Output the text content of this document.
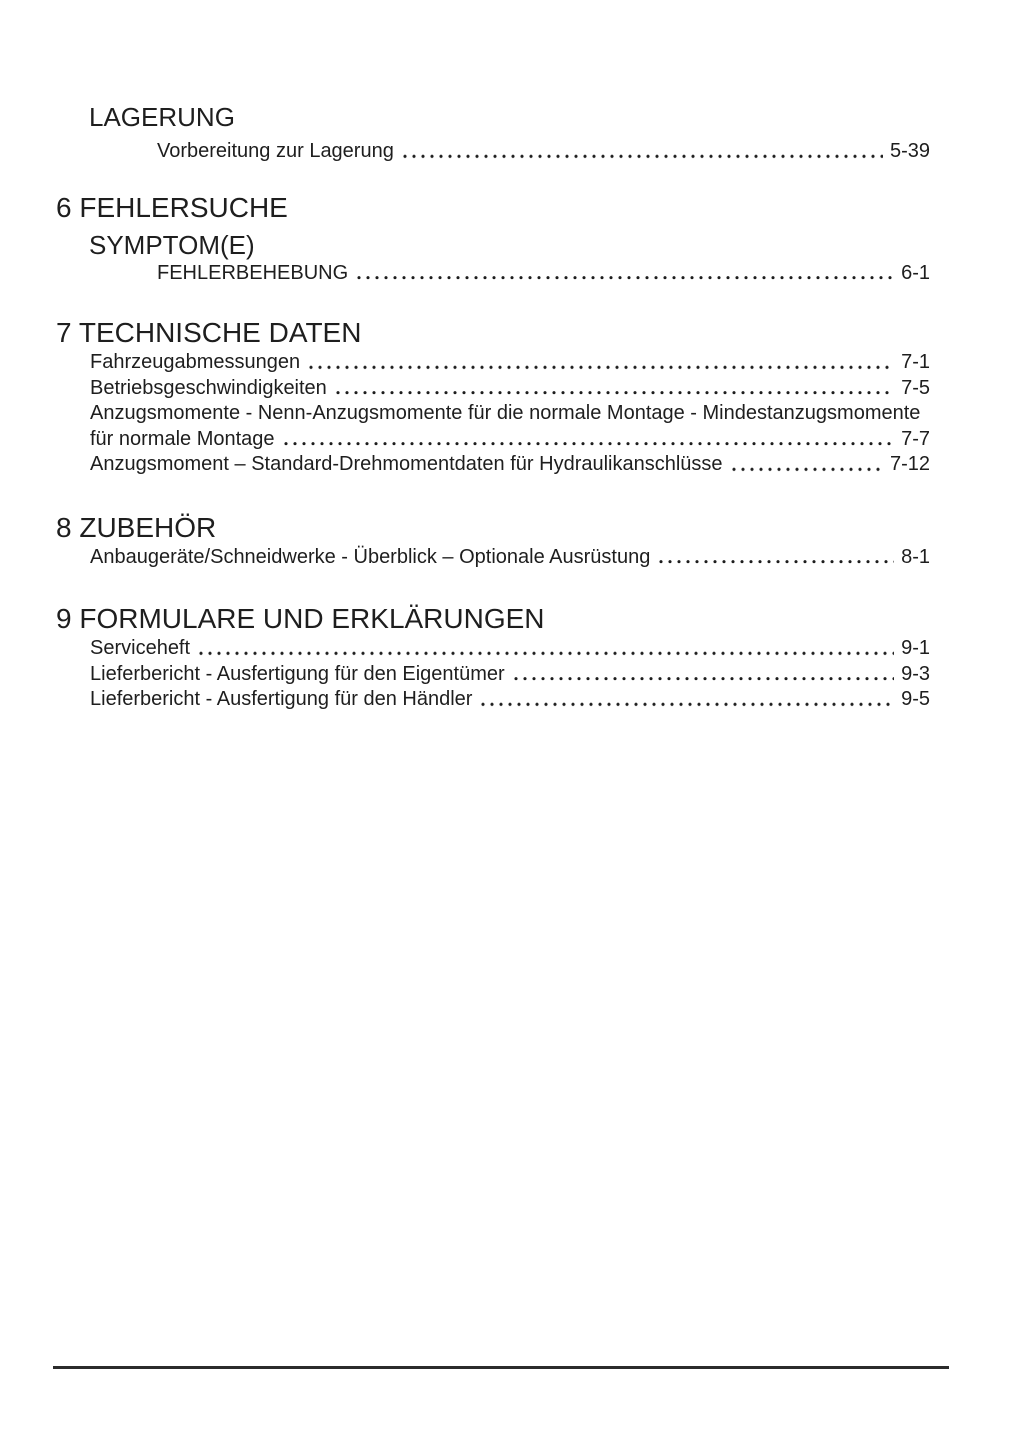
LAGERUNG
Vorbereitung zur Lagerung	5-39
6 FEHLERSUCHE
SYMPTOM(E)
FEHLERBEHEBUNG	6-1
7 TECHNISCHE DATEN
Fahrzeugabmessungen	7-1
Betriebsgeschwindigkeiten	7-5
Anzugsmomente - Nenn-Anzugsmomente für die normale Montage - Mindestanzugsmomente
für normale Montage	7-7
Anzugsmoment – Standard-Drehmomentdaten für Hydraulikanschlüsse	7-12
8 ZUBEHÖR
Anbaugeräte/Schneidwerke - Überblick – Optionale Ausrüstung	8-1
9 FORMULARE UND ERKLÄRUNGEN
Serviceheft	9-1
Lieferbericht - Ausfertigung für den Eigentümer	9-3
Lieferbericht - Ausfertigung für den Händler	9-5
